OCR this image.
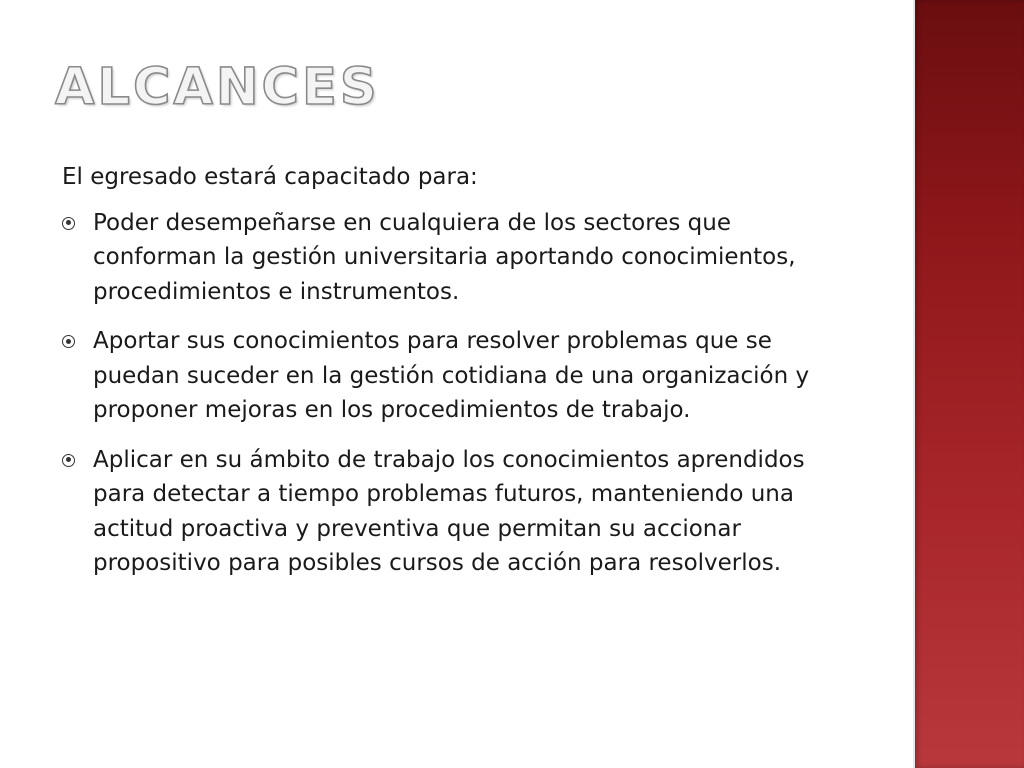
ALCANCES
El egresado estará capacitado para:
Poder desempeñarse en cualquiera de los sectores que conforman la gestión universitaria aportando conocimientos, procedimientos e instrumentos.
Aportar sus conocimientos para resolver problemas que se puedan suceder en la gestión cotidiana de una organización y proponer mejoras en los procedimientos de trabajo.
Aplicar en su ámbito de trabajo los conocimientos aprendidos para detectar a tiempo problemas futuros, manteniendo una actitud proactiva y preventiva que permitan su accionar propositivo para posibles cursos de acción para resolverlos.
